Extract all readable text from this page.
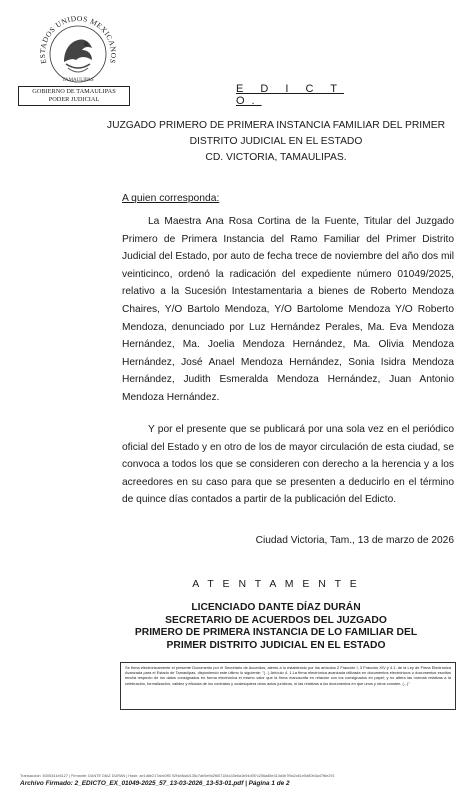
ESTADOS UNIDOS MEXICANOS
TAMAULIPAS
GOBIERNO DE TAMAULIPAS
PODER JUDICIAL
E D I C T O.
JUZGADO PRIMERO DE PRIMERA INSTANCIA FAMILIAR DEL PRIMER
DISTRITO JUDICIAL EN EL ESTADO
CD. VICTORIA, TAMAULIPAS.
A quien corresponda:

La Maestra Ana Rosa Cortina de la Fuente, Titular del Juzgado Primero de Primera Instancia del Ramo Familiar del Primer Distrito Judicial del Estado, por auto de fecha trece de noviembre del año dos mil veinticinco, ordenó la radicación del expediente número 01049/2025, relativo a la Sucesión Intestamentaria a bienes de Roberto Mendoza Chaires, Y/O Bartolo Mendoza, Y/O Bartolome Mendoza Y/O Roberto Mendoza, denunciado por Luz Hernández Perales, Ma. Eva Mendoza Hernández, Ma. Joelia Mendoza Hernández, Ma. Olivia Mendoza Hernández, José Anael Mendoza Hernández, Sonia Isidra Mendoza Hernández, Judith Esmeralda Mendoza Hernández, Juan Antonio Mendoza Hernández.

Y por el presente que se publicará por una sola vez en el periódico oficial del Estado y en otro de los de mayor circulación de esta ciudad, se convoca a todos los que se consideren con derecho a la herencia y a los acreedores en su caso para que se presenten a deducirlo en el término de quince días contados a partir de la publicación del Edicto.

Ciudad Victoria, Tam., 13 de marzo de 2026
A T E N T A M E N T E
LICENCIADO DANTE DÍAZ DURÁN
SECRETARIO DE ACUERDOS DEL JUZGADO
PRIMERO DE PRIMERA INSTANCIA DE LO FAMILIAR DEL
PRIMER DISTRITO JUDICIAL EN EL ESTADO
Se firma electrónicamente el presente Documento por el Secretario de Acuerdos, atento a lo establecido por los artículos 2 Fracción I, 3 Fracción XIV y 4.1, de la Ley de Firma Electrónica Avanzada para el Estado de Tamaulipas, disponiendo este último lo siguiente: "(...) Artículo 4. 1.La firma electrónica avanzada utilizada en documentos electrónicos o documentos escritos tendrá respecto de los datos consignados en forma electrónica el mismo valor que la firma manuscrita en relación con los consignados en papel; y no altera las normas relativas a la celebración, formalización, validez y eficacia de los contratos y cualesquiera otros actos jurídicos, ni las relativas a los documentos en que unos y otros consten. (...)"
Transacción: 8305341e5127 | Firmante: DANTE DÍAZ DURÁN | Hash: ae1d8e217abc0ff3 92f4e8da0135c7ab5e9d2f607184c33e6a1b94d0f7c256a88e310d4b7f9a2c61e5d80b3a47f6e291
Archivo Firmado: 2_EDICTO_EX_01049-2025_57_13-03-2026_13-53-01.pdf | Página 1 de 2
